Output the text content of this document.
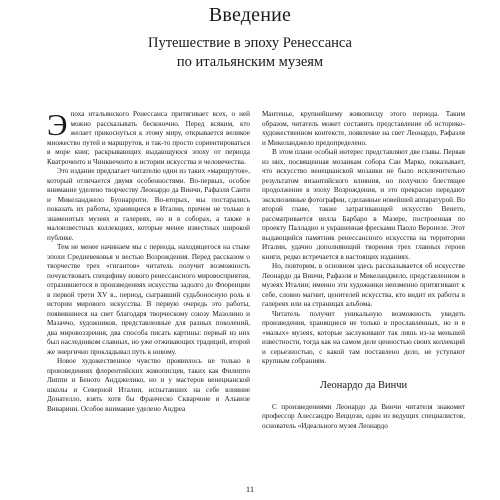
Введение
Путешествие в эпоху Ренессанса
по итальянским музеям

Эпоха итальянского Ренессанса притягивает всех, о ней можно рассказывать бесконечно. Перед всяким, кто желает прикоснуться к этому миру, открывается великое множество путей и маршрутов, и так-то просто сориентироваться в море книг, раскрывающих выдающуюся эпоху от периода Кватроченто и Чинквеченто в истории искусства и человечества.

Это издание предлагает читателю одни из таких «маршрутов», который отличается двумя особенностями. Во-первых, особое внимание уделено творчеству Леонардо да Винчи, Рафаэля Санти и Микеланджело Буонарроти. Во-вторых, мы постарались показать их работы, хранящиеся в Италии, причем не только в знаменитых музеях и галереях, но и в соборах, а также в малоизвестных коллекциях, которые менее известных широкой публике.

Тем не менее начинаем мы с периода, находящегося на стыке эпохи Средневековья и вестью Возрождения. Перед рассказом о творчестве трех «гигантов» читатель получит возможность почувствовать специфику нового ренессансного мировосприятия, отразившегося в произведениях искусства задолго до Флоренции в первой трети XV в., период, сыгравший судьбоносную роль в истории мирового искусства. В первую очередь это работы, появившиеся на свет благодаря творческому союзу Мазолино и Мазаччо, художников, представленные для разных поколений, два мировоззрения, два способа писать картины: первый из них был наследником славных, но уже отживающих традиций, второй же энергично прокладывал путь к новому.

Новое художественное чувство проявилось не только в произведениях флорентийских живописцев, таких как Филиппо Липпи и Беното Андджелико, но и у мастеров венецианской школы и Северной Италии, испытавших на себе влияние Донателло, взять хотя бы Франческо Скварчоне и Альвизе Виварини. Особое внимание уделено Андреа

Мантенье, крупнейшему живописцу этого периода. Таким образом, читатель может составить представление об историко-художественном контексте, появление на свет Леонардо, Рафаэля и Микеланджело предопределено.

В этом плане особый интерес представляют две главы. Первая из них, посвященная мозаикам собора Сан Марко, показывает, что искусство венецианской мозаики не было исключительно результатом византийского влияния, но получило блестящее продолжение в эпоху Возрождения, и это прекрасно передают эксклюзивные фотографии, сделанные новейшей аппаратурой. Во второй главе, также затрагивающей искусство Венето, рассматривается вилла Барбаро в Мазере, построенная по проекту Палладио и украшенная фресками Паоло Веронезе. Этот выдающийся памятник ренессансного искусства на территории Италии, удачно дополняющий творения трех главных героев книги, редко встречается в настоящих изданиях.

Но, повторим, в основном здесь рассказывается об искусстве Леонардо да Винчи, Рафаэля и Микеланджело, представленном в музеях Италии; именно эти художники неизменно притягивают к себе, словно магнит, ценителей искусства, кто видит их работы в галереях или на страницах альбома.

Читатель получит уникальную возможность увидеть произведения, хранящиеся не только в прославленных, но и в «малых» музеях, которые заслуживают так лишь из-за меньшей известности, тогда как на самом деле ценностью своих коллекций и серьезностью, с какой там поставлено дело, не уступают крупным собраниям.

Леонардо да Винчи

С произведениями Леонардо да Винчи читателя знакомит профессор Алессандро Веццози, один из ведущих специалистов, основатель «Идеального музея Леонардо

11
